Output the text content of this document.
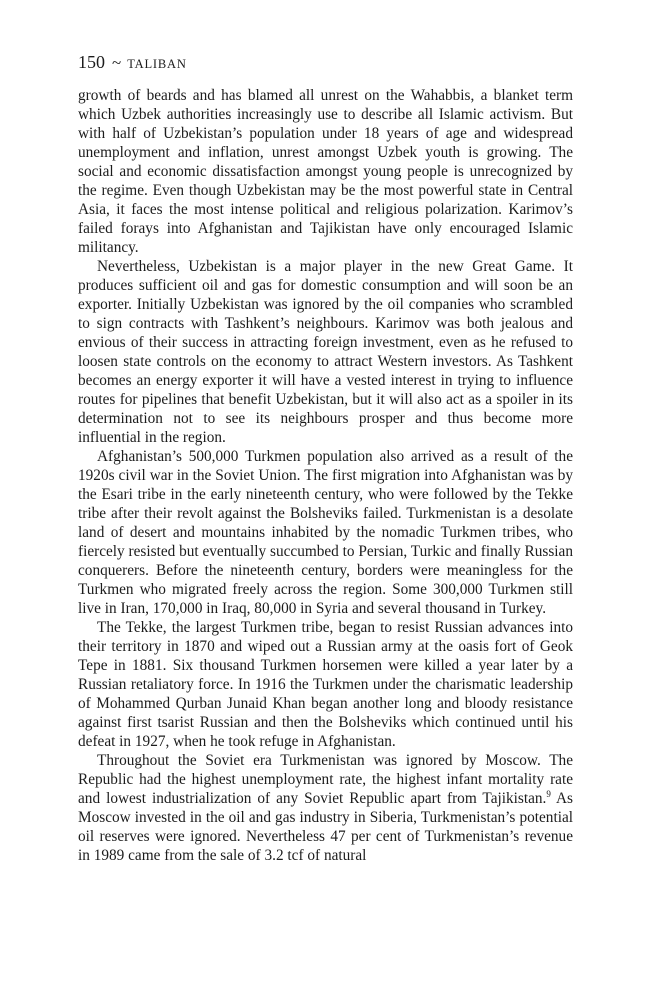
150 ~ TALIBAN

growth of beards and has blamed all unrest on the Wahabbis, a blanket term which Uzbek authorities increasingly use to describe all Islamic activism. But with half of Uzbekistan’s population under 18 years of age and widespread unemployment and inflation, unrest amongst Uzbek youth is growing. The social and economic dissatisfaction amongst young people is unrecognized by the regime. Even though Uzbekistan may be the most powerful state in Central Asia, it faces the most intense political and religious polarization. Karimov’s failed forays into Afghanistan and Tajikistan have only encouraged Islamic militancy.

Nevertheless, Uzbekistan is a major player in the new Great Game. It produces sufficient oil and gas for domestic consumption and will soon be an exporter. Initially Uzbekistan was ignored by the oil companies who scrambled to sign contracts with Tashkent’s neighbours. Karimov was both jealous and envious of their success in attracting foreign investment, even as he refused to loosen state controls on the economy to attract Western investors. As Tashkent becomes an energy exporter it will have a vested interest in trying to influence routes for pipelines that benefit Uzbekistan, but it will also act as a spoiler in its determination not to see its neighbours prosper and thus become more influential in the region.

Afghanistan’s 500,000 Turkmen population also arrived as a result of the 1920s civil war in the Soviet Union. The first migration into Afghanistan was by the Esari tribe in the early nineteenth century, who were followed by the Tekke tribe after their revolt against the Bolsheviks failed. Turkmenistan is a desolate land of desert and mountains inhabited by the nomadic Turkmen tribes, who fiercely resisted but eventually succumbed to Persian, Turkic and finally Russian conquerers. Before the nineteenth century, borders were meaningless for the Turkmen who migrated freely across the region. Some 300,000 Turkmen still live in Iran, 170,000 in Iraq, 80,000 in Syria and several thousand in Turkey.

The Tekke, the largest Turkmen tribe, began to resist Russian advances into their territory in 1870 and wiped out a Russian army at the oasis fort of Geok Tepe in 1881. Six thousand Turkmen horsemen were killed a year later by a Russian retaliatory force. In 1916 the Turkmen under the charismatic leadership of Mohammed Qurban Junaid Khan began another long and bloody resistance against first tsarist Russian and then the Bolsheviks which continued until his defeat in 1927, when he took refuge in Afghanistan.

Throughout the Soviet era Turkmenistan was ignored by Moscow. The Republic had the highest unemployment rate, the highest infant mortality rate and lowest industrialization of any Soviet Republic apart from Tajikistan.$^9$ As Moscow invested in the oil and gas industry in Siberia, Turkmenistan’s potential oil reserves were ignored. Nevertheless 47 per cent of Turkmenistan’s revenue in 1989 came from the sale of 3.2 tcf of natural
